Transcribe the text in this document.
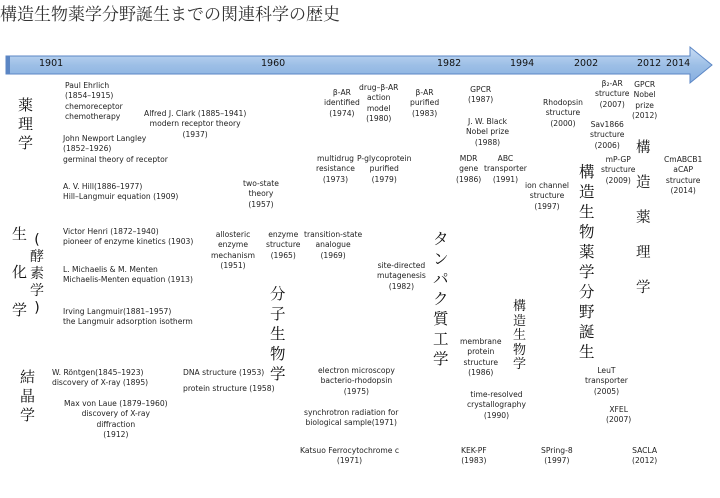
構造生物薬学分野誕生までの関連科学の歴史
1901	1960	1982	1994	2002	2012 2014
薬
理
学
生

化

学
(
酵
素
学
)
結
晶
学
分
子
生
物
学
タ
ン
パ
ク
質
工
学
構
造
生
物
学
構
造
生
物
薬
学
分
野
誕
生
構

造

薬

理

学
Paul Ehrlich
(1854–1915)
chemoreceptor
chemotherapy	Alfred J. Clark (1885–1941)
modern receptor theory
(1937)
John Newport Langley
(1852–1926)
germinal theory of receptor
A. V. Hill(1886–1977)
Hill–Langmuir equation (1909)
two-state
theory
(1957)
β-AR
identified
(1974)
drug–β-AR
action
model
(1980)
β-AR
purified
(1983)
multidrug
resistance
(1973)
P-glycoprotein
purified
(1979)
GPCR
(1987)
J. W. Black
Nobel prize
(1988)
MDR
gene
(1986)
ABC
transporter
(1991)
Rhodopsin
structure
(2000)
β₂-AR
structure
(2007)
GPCR
Nobel
prize
(2012)
Sav1866
structure
(2006)
mP-GP
structure
(2009)
ion channel
structure
(1997)
CmABCB1
aCAP
structure
(2014)
Victor Henri (1872–1940)
pioneer of enzyme kinetics (1903)
allosteric
enzyme
mechanism
(1951)
enzyme
structure
(1965)
transition-state
analogue
(1969)
site-directed
mutagenesis
(1982)
L. Michaelis & M. Menten
Michaelis-Menten equation (1913)
Irving Langmuir(1881–1957)
the Langmuir adsorption isotherm
membrane
protein
structure
(1986)	LeuT
transporter
(2005)
W. Röntgen(1845–1923)
discovery of X-ray (1895)
DNA structure (1953)
Max von Laue (1879–1960)
discovery of X-ray
diffraction
(1912)
protein structure (1958)
electron microscopy
bacterio-rhodopsin
(1975)	time-resolved
crystallography
(1990)
XFEL
(2007)
synchrotron radiation for
biological sample(1971)
Katsuo Ferrocytochrome c
(1971)
KEK-PF
(1983)
SPring-8
(1997)
SACLA
(2012)
